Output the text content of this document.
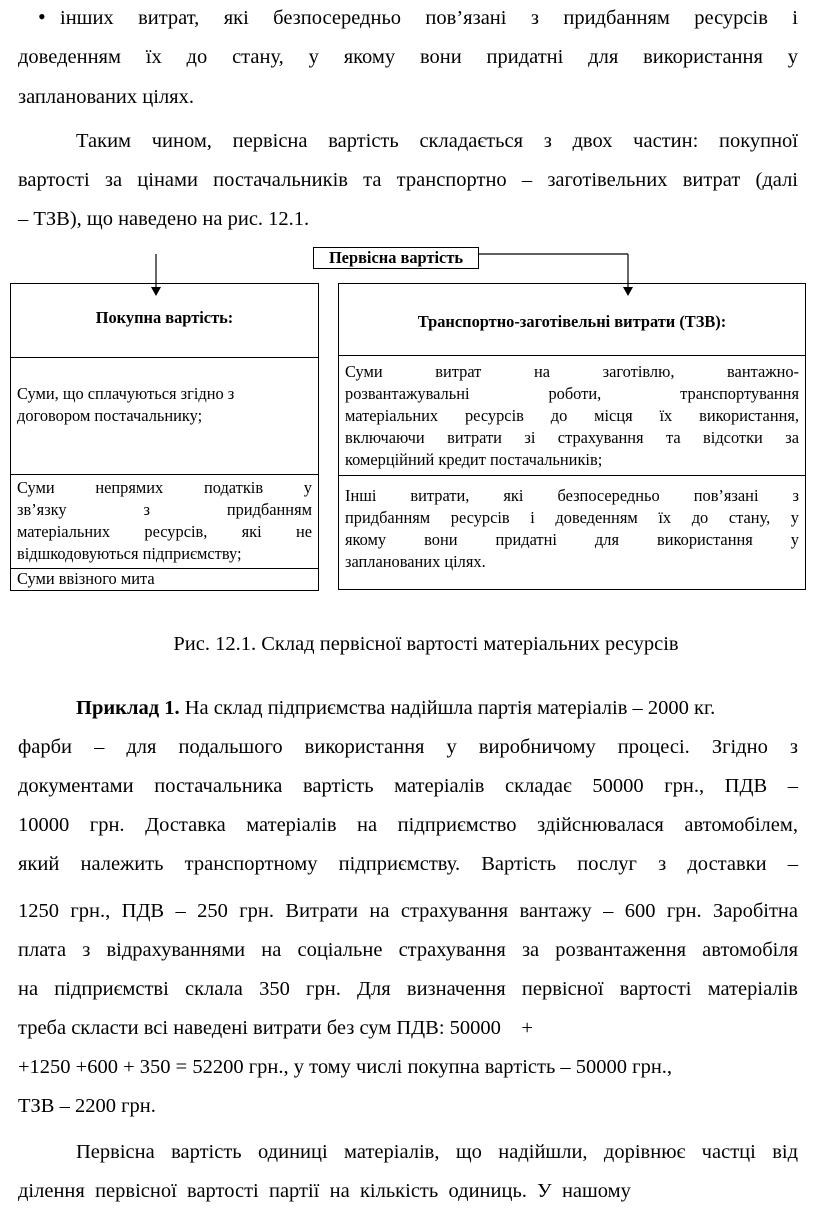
• інших витрат, які безпосередньо пов’язані з придбанням ресурсів і
доведенням їх до стану, у якому вони придатні для використання у
запланованих цілях.
Таким чином, первісна вартість складається з двох частин: покупної
вартості за цінами постачальників та транспортно – заготівельних витрат (далі
– ТЗВ), що наведено на рис. 12.1.
Первісна вартість
Покупна вартість:
Суми, що сплачуються згідно з
договором постачальнику;
Суми непрямих податків у
зв’язку з придбанням
матеріальних ресурсів, які не
відшкодовуються підприємству;
Суми ввізного мита
Транспортно-заготівельні витрати (ТЗВ):
Суми витрат на заготівлю, вантажно-
розвантажувальні роботи, транспортування
матеріальних ресурсів до місця їх використання,
включаючи витрати зі страхування та відсотки за
комерційний кредит постачальників;
Інші витрати, які безпосередньо пов’язані з
придбанням ресурсів і доведенням їх до стану, у
якому вони придатні для використання у
запланованих цілях.
Рис. 12.1. Склад первісної вартості матеріальних ресурсів
Приклад 1. На склад підприємства надійшла партія матеріалів – 2000 кг.
фарби – для подальшого використання у виробничому процесі. Згідно з
документами постачальника вартість матеріалів складає 50000 грн., ПДВ –
10000 грн. Доставка матеріалів на підприємство здійснювалася автомобілем,
який належить транспортному підприємству. Вартість послуг з доставки –
1250 грн., ПДВ – 250 грн. Витрати на страхування вантажу – 600 грн. Заробітна
плата з відрахуваннями на соціальне страхування за розвантаження автомобіля
на підприємстві склала 350 грн. Для визначення первісної вартості матеріалів
треба скласти всі наведені витрати без сум ПДВ: 50000    +
+1250 +600 + 350 = 52200 грн., у тому числі покупна вартість – 50000 грн.,
ТЗВ – 2200 грн.
Первісна вартість одиниці матеріалів, що надійшли, дорівнює частці від
ділення  первісної  вартості  партії  на  кількість  одиниць.  У  нашому
